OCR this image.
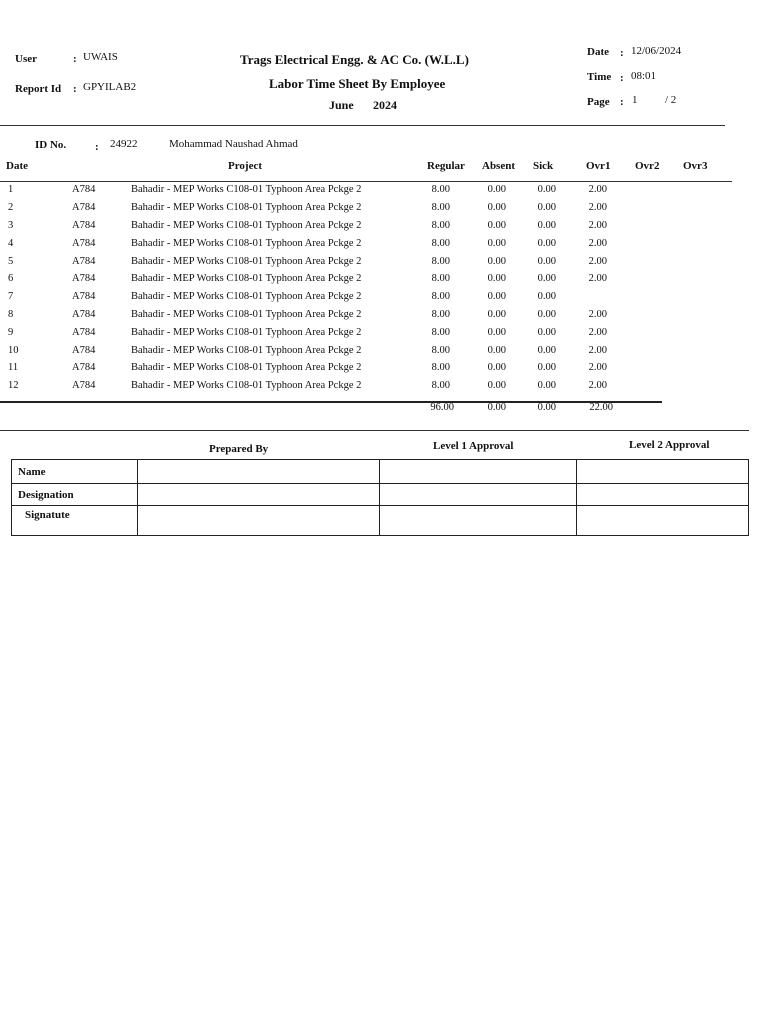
User	: UWAIS
Report Id : GPYILAB2
Trags Electrical Engg. & AC Co. (W.L.L)
Labor Time Sheet By Employee
June 2024
Date : 12/06/2024
Time : 08:01
Page : 1	/ 2
ID No.	: 24922	Mohammad Naushad Ahmad
Date	Project	Regular Absent Sick	Ovr1 Ovr2 Ovr3
1	A784	Bahadir - MEP Works C108-01 Typhoon Area Pckge 2	8.00	0.00	0.00	2.00
2	A784	Bahadir - MEP Works C108-01 Typhoon Area Pckge 2	8.00	0.00	0.00	2.00
3	A784	Bahadir - MEP Works C108-01 Typhoon Area Pckge 2	8.00	0.00	0.00	2.00
4	A784	Bahadir - MEP Works C108-01 Typhoon Area Pckge 2	8.00	0.00	0.00	2.00
5	A784	Bahadir - MEP Works C108-01 Typhoon Area Pckge 2	8.00	0.00	0.00	2.00
6	A784	Bahadir - MEP Works C108-01 Typhoon Area Pckge 2	8.00	0.00	0.00	2.00
7	A784	Bahadir - MEP Works C108-01 Typhoon Area Pckge 2	8.00	0.00	0.00
8	A784	Bahadir - MEP Works C108-01 Typhoon Area Pckge 2	8.00	0.00	0.00	2.00
9	A784	Bahadir - MEP Works C108-01 Typhoon Area Pckge 2	8.00	0.00	0.00	2.00
10	A784	Bahadir - MEP Works C108-01 Typhoon Area Pckge 2	8.00	0.00	0.00	2.00
11	A784	Bahadir - MEP Works C108-01 Typhoon Area Pckge 2	8.00	0.00	0.00	2.00
12	A784	Bahadir - MEP Works C108-01 Typhoon Area Pckge 2	8.00	0.00	0.00	2.00
96.00	0.00	0.00	22.00
Prepared By	Level 1 Approval	Level 2 Approval
Name			
Designation			
Signatute			
